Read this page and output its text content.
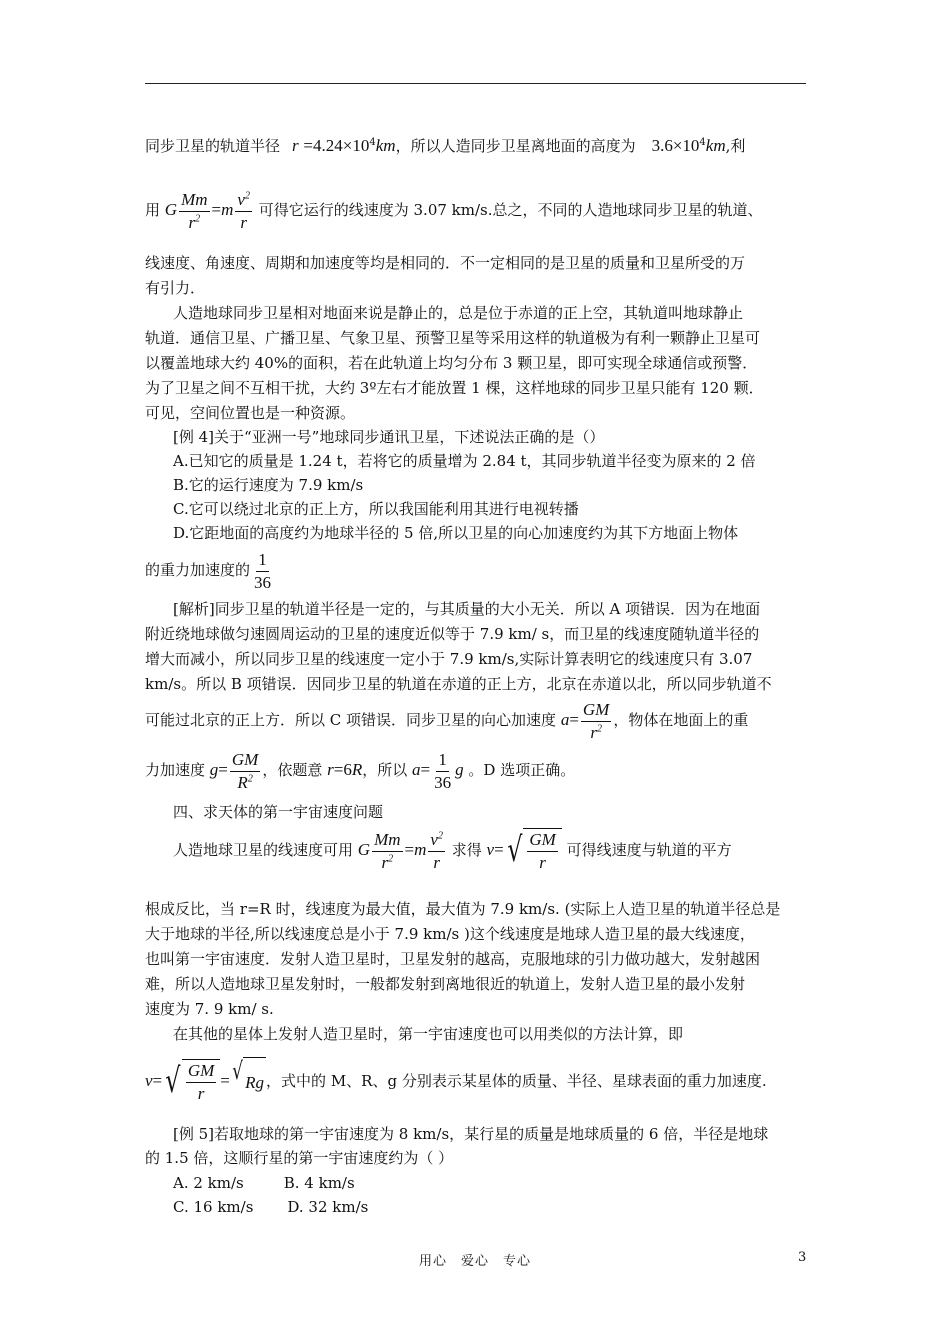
同步卫星的轨道半径 $r =4.24\times 10^4km$，所以人造同步卫星离地面的高度为 $3.6\times 10^4km$,利
用 G $\frac{Mm}{r^2} =m \frac{v^2}{r}$ 可得它运行的线速度为 3.07 km/s.总之，不同的人造地球同步卫星的轨道、
线速度、角速度、周期和加速度等均是相同的．不一定相同的是卫星的质量和卫星所受的万
有引力．
人造地球同步卫星相对地面来说是静止的，总是位于赤道的正上空，其轨道叫地球静止
轨道．通信卫星、广播卫星、气象卫星、预警卫星等采用这样的轨道极为有利一颗静止卫星可
以覆盖地球大约 40%的面积，若在此轨道上均匀分布 3 颗卫星，即可实现全球通信或预警．
为了卫星之间不互相干扰，大约 3º左右才能放置 1 棵，这样地球的同步卫星只能有 120 颗．
可见，空间位置也是一种资源。
[例 4]关于“亚洲一号”地球同步通讯卫星，下述说法正确的是（）
A.已知它的质量是 1.24 t，若将它的质量增为 2.84 t，其同步轨道半径变为原来的 2 倍
B.它的运行速度为 7.9 km/s
C.它可以绕过北京的正上方，所以我国能利用其进行电视转播
D.它距地面的高度约为地球半径的 5 倍,所以卫星的向心加速度约为其下方地面上物体
的重力加速度的 $\frac{1}{36}$
[解析]同步卫星的轨道半径是一定的，与其质量的大小无关．所以 A 项错误．因为在地面
附近绕地球做匀速圆周运动的卫星的速度近似等于 7.9 km/ s，而卫星的线速度随轨道半径的
增大而减小，所以同步卫星的线速度一定小于 7.9 km/s,实际计算表明它的线速度只有 3.07
km/s。所以 B 项错误．因同步卫星的轨道在赤道的正上方，北京在赤道以北，所以同步轨道不
可能过北京的正上方．所以 C 项错误．同步卫星的向心加速度 $a= \frac{GM}{r^2}$ ，物体在地面上的重
力加速度 $g= \frac{GM}{R^2}$ ，依题意 r=6R，所以 $a= \frac{1}{36}$ g 。D 选项正确。
四、求天体的第一宇宙速度问题
人造地球卫星的线速度可用 G $\frac{Mm}{r^2} =m \frac{v^2}{r}$ 求得 v= √ $\frac{GM}{r}$ 可得线速度与轨道的平方
根成反比，当 r=R 时，线速度为最大值，最大值为 7.9 km/s. (实际上人造卫星的轨道半径总是
大于地球的半径,所以线速度总是小于 7.9 km/s )这个线速度是地球人造卫星的最大线速度，
也叫第一宇宙速度．发射人造卫星时，卫星发射的越高，克服地球的引力做功越大，发射越困
难，所以人造地球卫星发射时，一般都发射到离地很近的轨道上，发射人造卫星的最小发射
速度为 7. 9 km/ s.
在其他的星体上发射人造卫星时，第一宇宙速度也可以用类似的方法计算，即
v= √ $\frac{GM}{r}$ = √ Rg ，式中的 M、R、g 分别表示某星体的质量、半径、星球表面的重力加速度.
[例 5]若取地球的第一宇宙速度为 8 km/s，某行星的质量是地球质量的 6 倍，半径是地球
的 1.5 倍，这顺行星的第一宇宙速度约为（ ）
A. 2 km/s	B. 4 km/s
C. 16 km/s D. 32 km/s
用心　爱心　专心	3
